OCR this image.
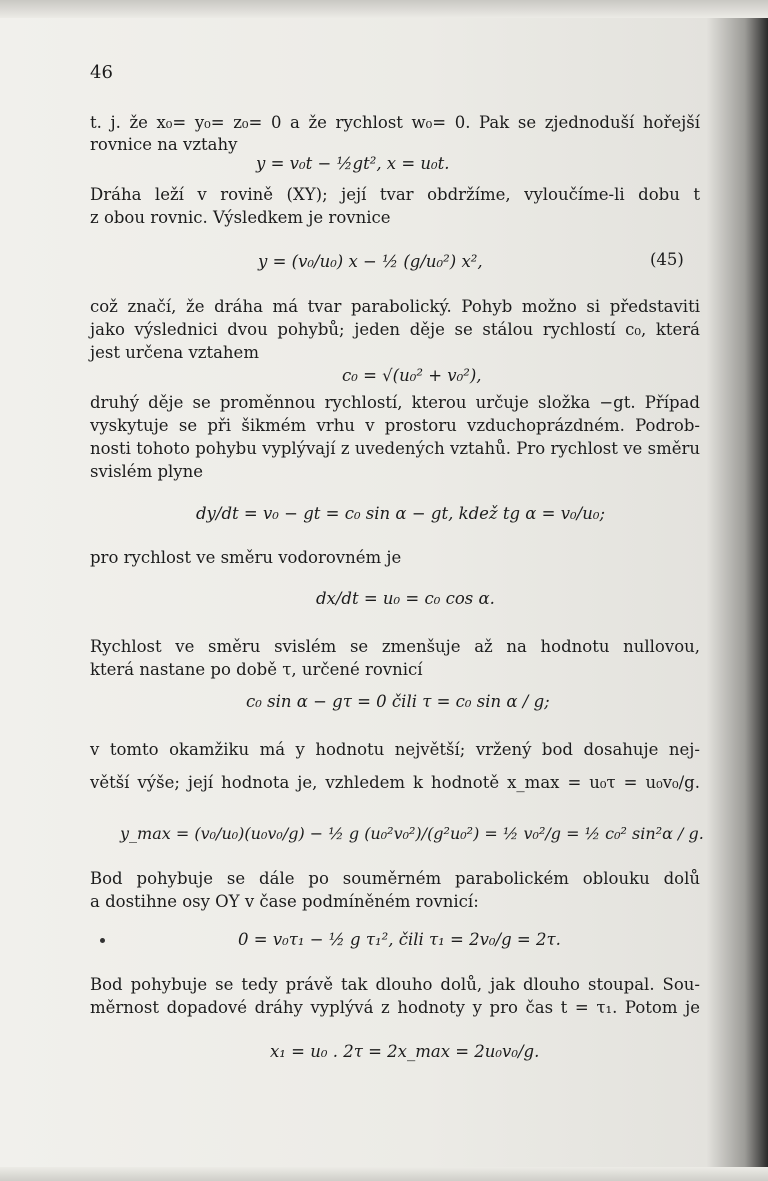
46
t. j. že x₀= y₀= z₀= 0 a že rychlost w₀= 0. Pak se zjednoduší hořejší
rovnice na vztahy
y = v₀t − ½gt², x = u₀t.
Dráha leží v rovině (XY); její tvar obdržíme, vyloučíme-li dobu t
z obou rovnic. Výsledkem je rovnice
y = (v₀/u₀) x − ½ (g/u₀²) x²,	(45)
což značí, že dráha má tvar parabolický. Pohyb možno si představiti
jako výslednici dvou pohybů; jeden děje se stálou rychlostí c₀, která
jest určena vztahem
c₀ = √(u₀² + v₀²),
druhý děje se proměnnou rychlostí, kterou určuje složka −gt. Případ
vyskytuje se při šikmém vrhu v prostoru vzduchoprázdném. Podrob-
nosti tohoto pohybu vyplývají z uvedených vztahů. Pro rychlost ve směru
svislém plyne
dy/dt = v₀ − gt = c₀ sin α − gt, kdež tg α = v₀/u₀;
pro rychlost ve směru vodorovném je
dx/dt = u₀ = c₀ cos α.
Rychlost ve směru svislém se zmenšuje až na hodnotu nullovou,
která nastane po době τ, určené rovnicí
c₀ sin α − gτ = 0 čili τ = c₀ sin α / g;
v tomto okamžiku má y hodnotu největší; vržený bod dosahuje nej-
větší výše; její hodnota je, vzhledem k hodnotě x_max = u₀τ = u₀v₀/g.
y_max = (v₀/u₀)(u₀v₀/g) − ½ g (u₀²v₀²)/(g²u₀²) = ½ v₀²/g = ½ c₀² sin²α / g.
Bod pohybuje se dále po souměrném parabolickém oblouku dolů
a dostihne osy OY v čase podmíněném rovnicí:
0 = v₀τ₁ − ½ g τ₁², čili τ₁ = 2v₀/g = 2τ.
Bod pohybuje se tedy právě tak dlouho dolů, jak dlouho stoupal. Sou-
měrnost dopadové dráhy vyplývá z hodnoty y pro čas t = τ₁. Potom je
x₁ = u₀ . 2τ = 2x_max = 2u₀v₀/g.
